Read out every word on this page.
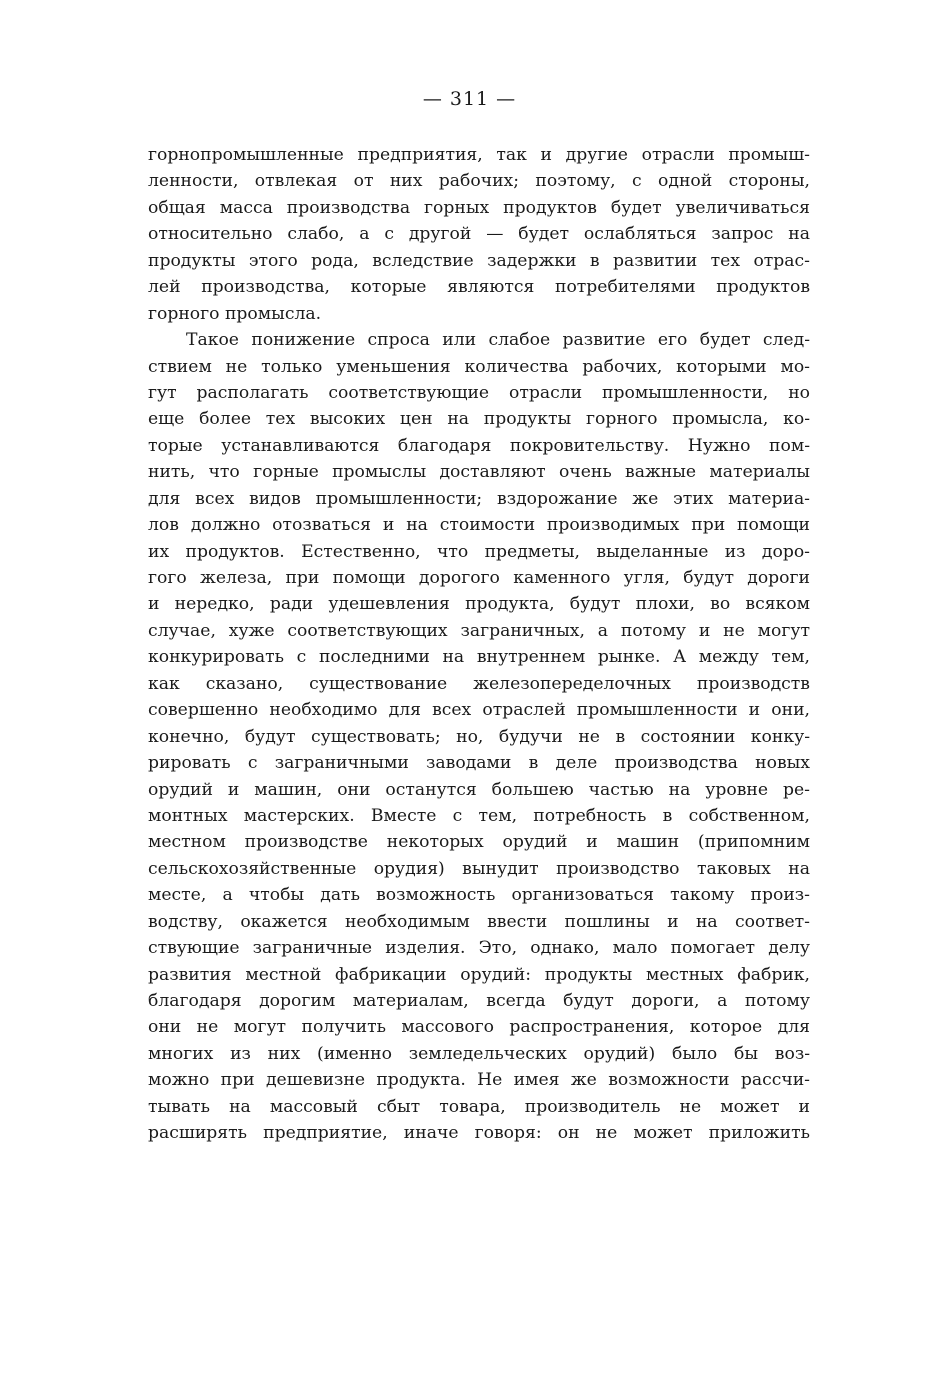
— 311 —
горнопромышленные предприятия, так и другие отрасли промыш-
ленности, отвлекая от них рабочих; поэтому, с одной стороны,
общая масса производства горных продуктов будет увеличиваться
относительно слабо, а с другой — будет ослабляться запрос на
продукты этого рода, вследствие задержки в развитии тех отрас-
лей производства, которые являются потребителями продуктов
горного промысла.
Такое понижение спроса или слабое развитие его будет след-
ствием не только уменьшения количества рабочих, которыми мо-
гут располагать соответствующие отрасли промышленности, но
еще более тех высоких цен на продукты горного промысла, ко-
торые устанавливаются благодаря покровительству. Нужно пом-
нить, что горные промыслы доставляют очень важные материалы
для всех видов промышленности; вздорожание же этих материа-
лов должно отозваться и на стоимости производимых при помощи
их продуктов. Естественно, что предметы, выделанные из доро-
гого железа, при помощи дорогого каменного угля, будут дороги
и нередко, ради удешевления продукта, будут плохи, во всяком
случае, хуже соответствующих заграничных, а потому и не могут
конкурировать с последними на внутреннем рынке. А между тем,
как сказано, существование железопеределочных производств
совершенно необходимо для всех отраслей промышленности и они,
конечно, будут существовать; но, будучи не в состоянии конку-
рировать с заграничными заводами в деле производства новых
орудий и машин, они останутся большею частью на уровне ре-
монтных мастерских. Вместе с тем, потребность в собственном,
местном производстве некоторых орудий и машин (припомним
сельскохозяйственные орудия) вынудит производство таковых на
месте, а чтобы дать возможность организоваться такому произ-
водству, окажется необходимым ввести пошлины и на соответ-
ствующие заграничные изделия. Это, однако, мало помогает делу
развития местной фабрикации орудий: продукты местных фабрик,
благодаря дорогим материалам, всегда будут дороги, а потому
они не могут получить массового распространения, которое для
многих из них (именно земледельческих орудий) было бы воз-
можно при дешевизне продукта. Не имея же возможности рассчи-
тывать на массовый сбыт товара, производитель не может и
расширять предприятие, иначе говоря: он не может приложить
